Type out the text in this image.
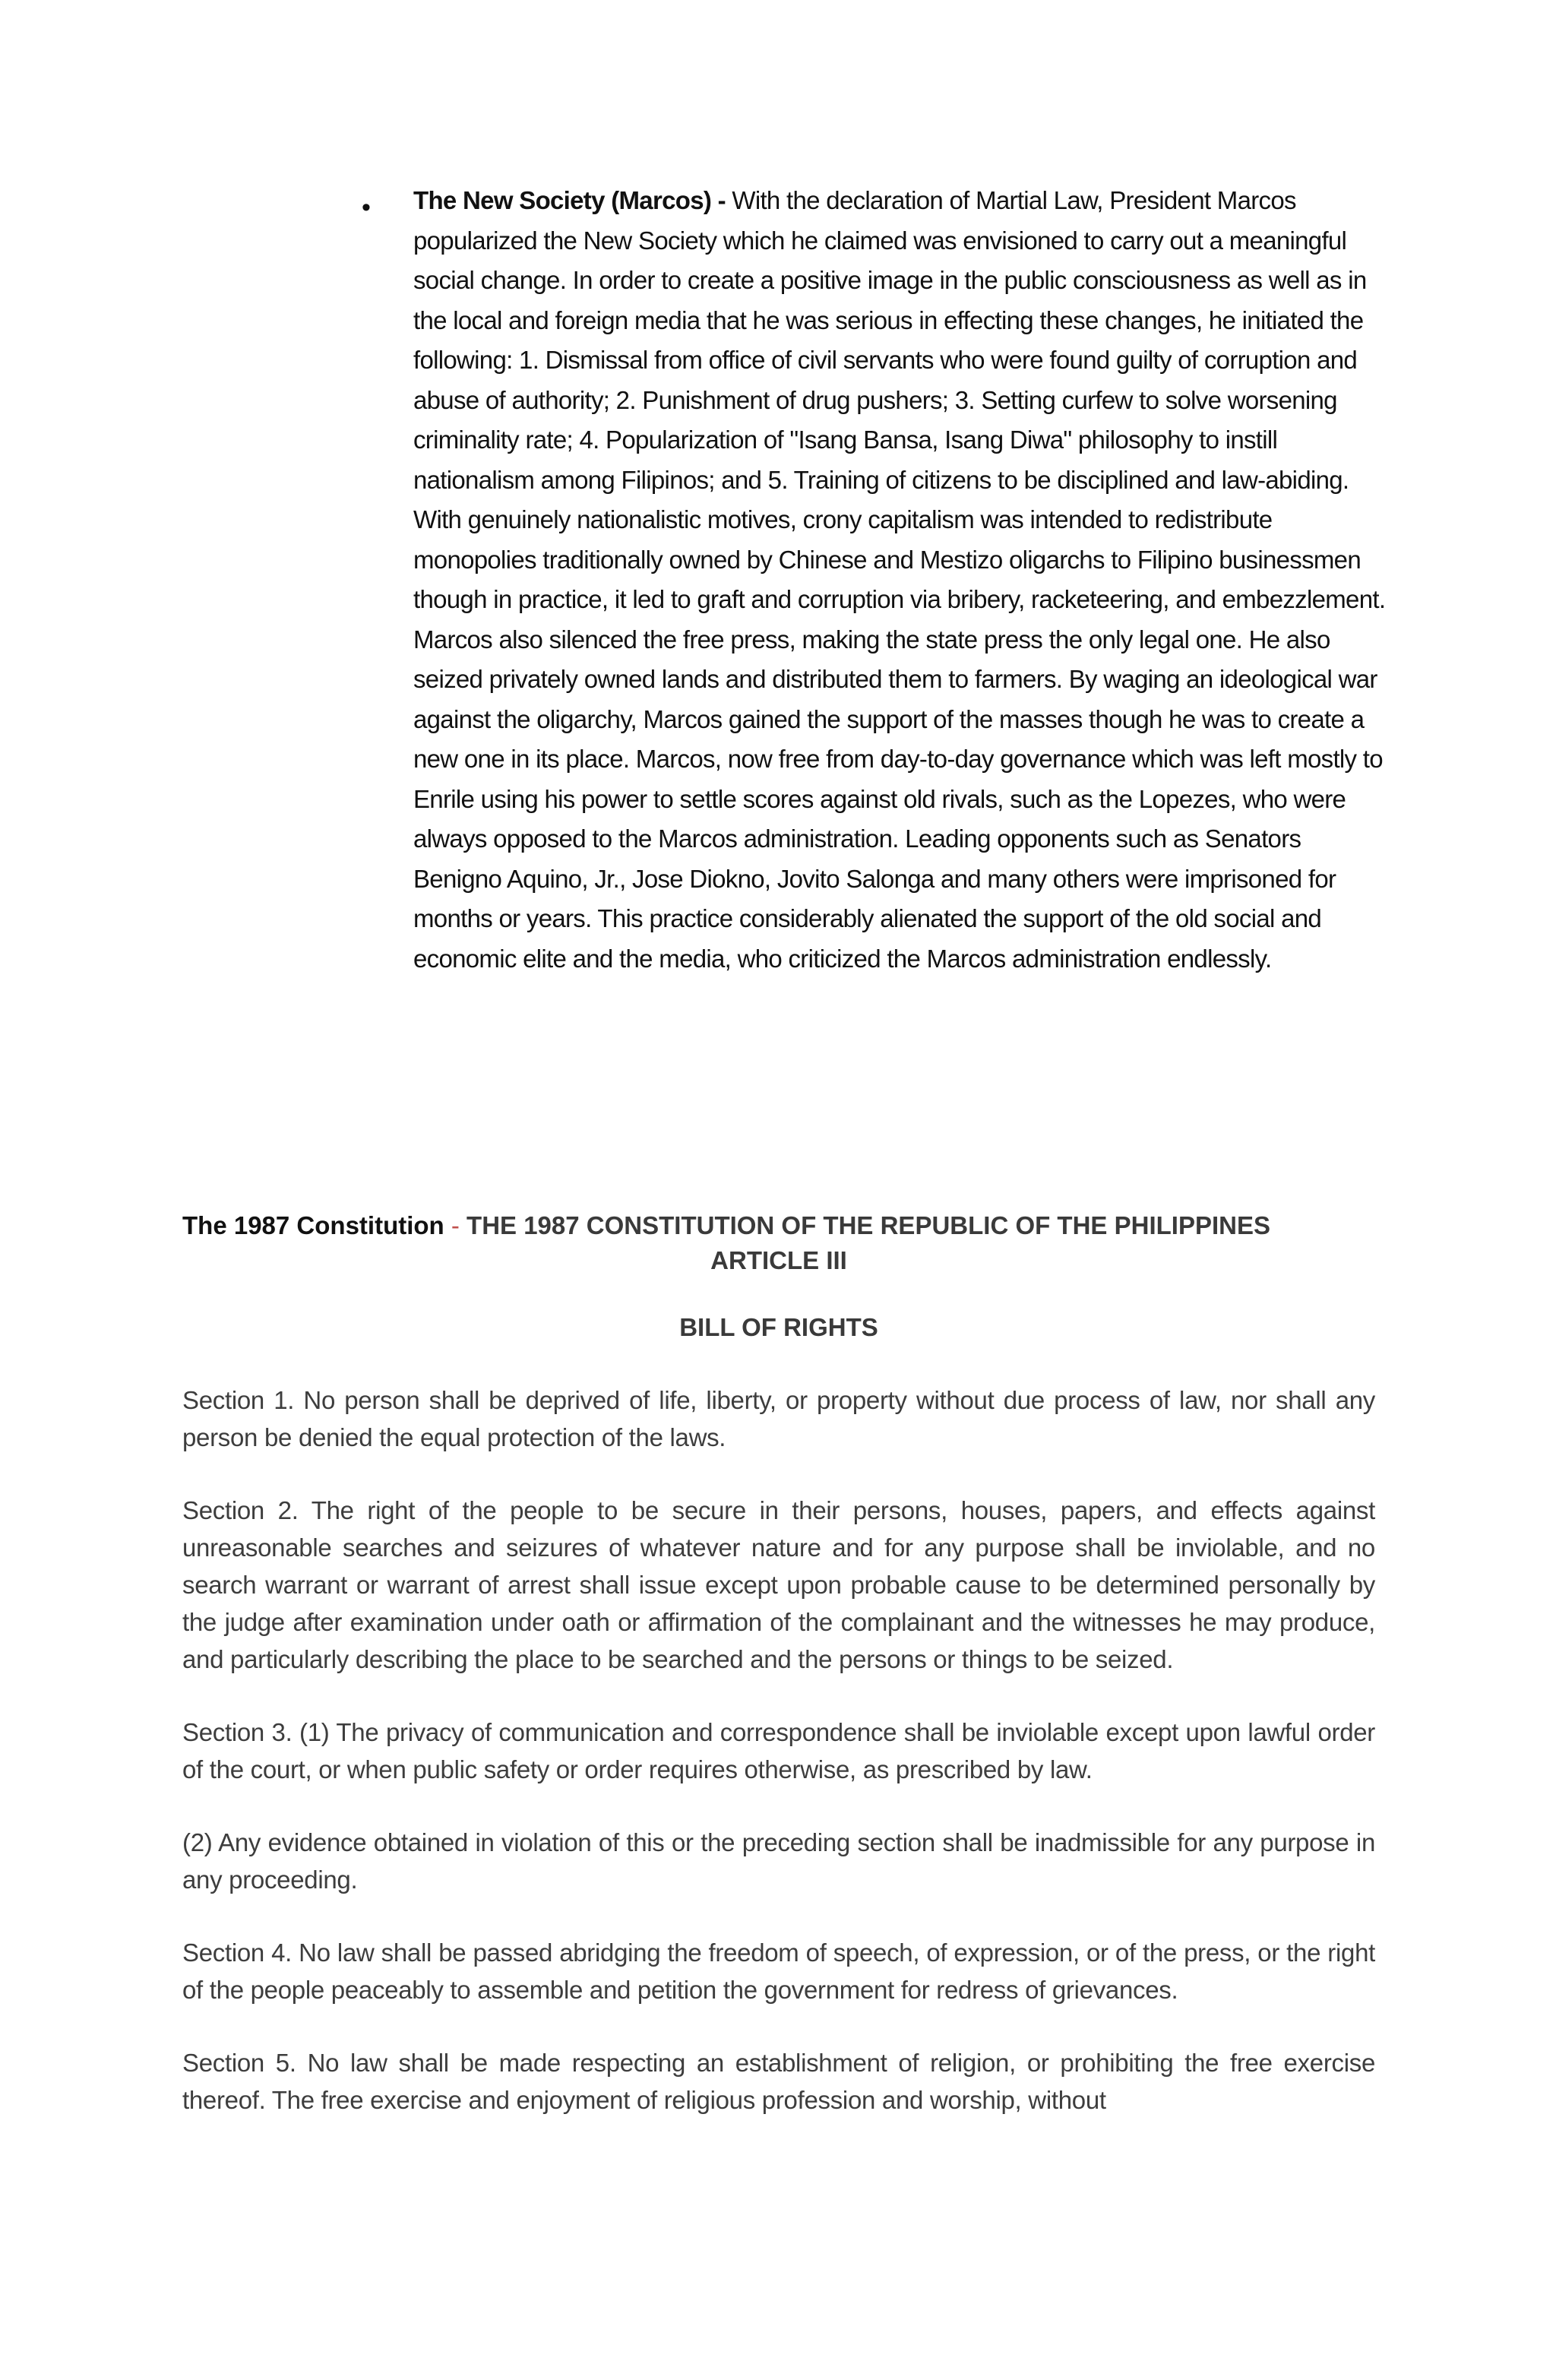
• The New Society (Marcos) - With the declaration of Martial Law, President Marcos popularized the New Society which he claimed was envisioned to carry out a meaningful social change. In order to create a positive image in the public consciousness as well as in the local and foreign media that he was serious in effecting these changes, he initiated the following: 1. Dismissal from office of civil servants who were found guilty of corruption and abuse of authority; 2. Punishment of drug pushers; 3. Setting curfew to solve worsening criminality rate; 4. Popularization of "Isang Bansa, Isang Diwa" philosophy to instill nationalism among Filipinos; and 5. Training of citizens to be disciplined and law-abiding.

With genuinely nationalistic motives, crony capitalism was intended to redistribute monopolies traditionally owned by Chinese and Mestizo oligarchs to Filipino businessmen though in practice, it led to graft and corruption via bribery, racketeering, and embezzlement. Marcos also silenced the free press, making the state press the only legal one. He also seized privately owned lands and distributed them to farmers. By waging an ideological war against the oligarchy, Marcos gained the support of the masses though he was to create a new one in its place. Marcos, now free from day-to-day governance which was left mostly to Enrile using his power to settle scores against old rivals, such as the Lopezes, who were always opposed to the Marcos administration. Leading opponents such as Senators Benigno Aquino, Jr., Jose Diokno, Jovito Salonga and many others were imprisoned for months or years. This practice considerably alienated the support of the old social and economic elite and the media, who criticized the Marcos administration endlessly.

The 1987 Constitution - THE 1987 CONSTITUTION OF THE REPUBLIC OF THE PHILIPPINES
ARTICLE III
BILL OF RIGHTS

Section 1. No person shall be deprived of life, liberty, or property without due process of law, nor shall any person be denied the equal protection of the laws.

Section 2. The right of the people to be secure in their persons, houses, papers, and effects against unreasonable searches and seizures of whatever nature and for any purpose shall be inviolable, and no search warrant or warrant of arrest shall issue except upon probable cause to be determined personally by the judge after examination under oath or affirmation of the complainant and the witnesses he may produce, and particularly describing the place to be searched and the persons or things to be seized.

Section 3. (1) The privacy of communication and correspondence shall be inviolable except upon lawful order of the court, or when public safety or order requires otherwise, as prescribed by law.

(2) Any evidence obtained in violation of this or the preceding section shall be inadmissible for any purpose in any proceeding.

Section 4. No law shall be passed abridging the freedom of speech, of expression, or of the press, or the right of the people peaceably to assemble and petition the government for redress of grievances.

Section 5. No law shall be made respecting an establishment of religion, or prohibiting the free exercise thereof. The free exercise and enjoyment of religious profession and worship, without
